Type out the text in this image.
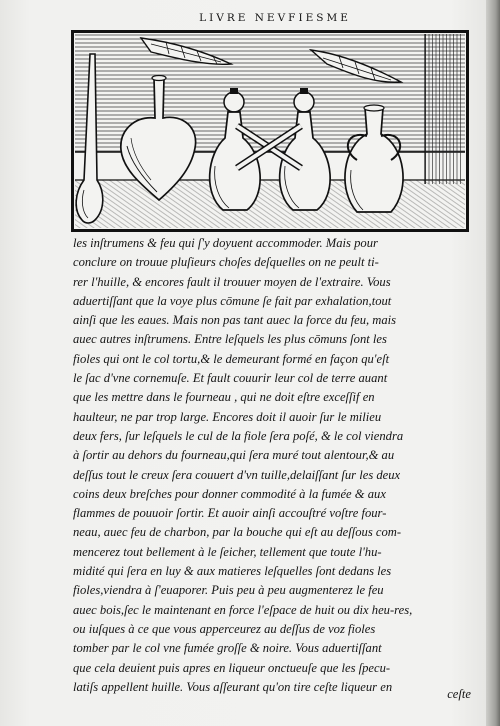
LIVRE NEVFIESME
les inſtrumens & feu qui ſ'y doyuent accommoder. Mais pour
conclure on trouue pluſieurs choſes deſquelles on ne peult ti-
rer l'huille, & encores fault il trouuer moyen de l'extraire. Vous
aduertiſſant que la voye plus cōmune ſe fait par exhalation,tout
ainſi que les eaues. Mais non pas tant auec la force du feu, mais
auec autres inſtrumens. Entre leſquels les plus cōmuns ſont les
fioles qui ont le col tortu,& le demeurant formé en façon qu'eſt
le ſac d'vne cornemuſe. Et fault couurir leur col de terre auant
que les mettre dans le fourneau , qui ne doit eſtre exceſſif en
haulteur, ne par trop large. Encores doit il auoir ſur le milieu
deux fers, ſur leſquels le cul de la fiole ſera poſé, & le col viendra
à ſortir au dehors du fourneau,qui ſera muré tout alentour,& au
deſſus tout le creux ſera couuert d'vn tuille,delaiſſant ſur les deux
coins deux breſches pour donner commodité à la fumée & aux
flammes de pouuoir ſortir. Et auoir ainſi accouſtré voſtre four-
neau, auec feu de charbon, par la bouche qui eſt au deſſous com-
mencerez tout bellement à le ſeicher, tellement que toute l'hu-
midité qui ſera en luy & aux matieres leſquelles ſont dedans les
fioles,viendra à ſ'euaporer. Puis peu à peu augmenterez le feu
auec bois,ſec le maintenant en force l'eſpace de huit ou dix heu-res,
ou iuſques à ce que vous apperceurez au deſſus de voz fioles
tomber par le col vne fumée groſſe & noire. Vous aduertiſſant
que cela deuient puis apres en liqueur onctueuſe que les ſpecu-
latiſs appellent huille. Vous aſſeurant qu'on tire ceſte liqueur en
ceſte
